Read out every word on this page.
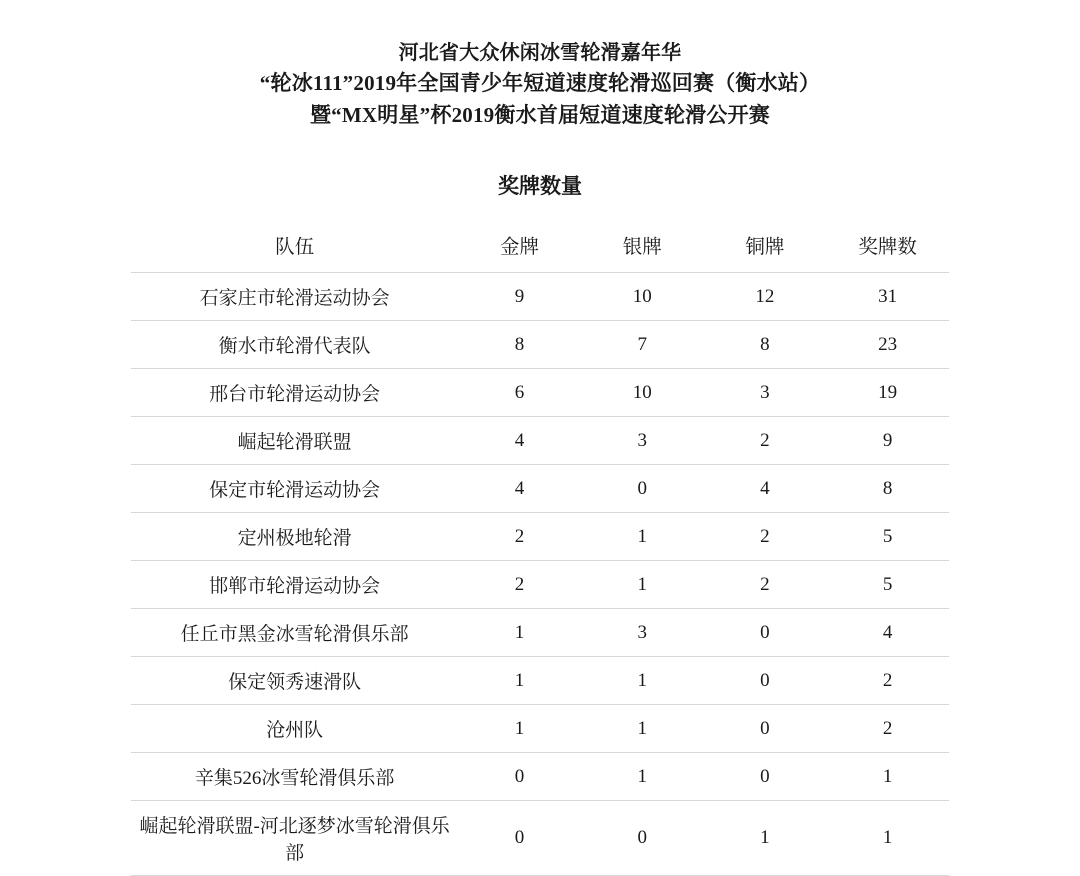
河北省大众休闲冰雪轮滑嘉年华
“轮冰111”2019年全国青少年短道速度轮滑巡回赛（衡水站）
暨“MX明星”杯2019衡水首届短道速度轮滑公开赛
奖牌数量
队伍	金牌	银牌	铜牌	奖牌数
石家庄市轮滑运动协会	9	10	12	31
衡水市轮滑代表队	8	7	8	23
邢台市轮滑运动协会	6	10	3	19
崛起轮滑联盟	4	3	2	9
保定市轮滑运动协会	4	0	4	8
定州极地轮滑	2	1	2	5
邯郸市轮滑运动协会	2	1	2	5
任丘市黑金冰雪轮滑俱乐部	1	3	0	4
保定领秀速滑队	1	1	0	2
沧州队	1	1	0	2
辛集526冰雪轮滑俱乐部	0	1	0	1
崛起轮滑联盟-河北逐梦冰雪轮滑俱乐部	0	0	1	1
